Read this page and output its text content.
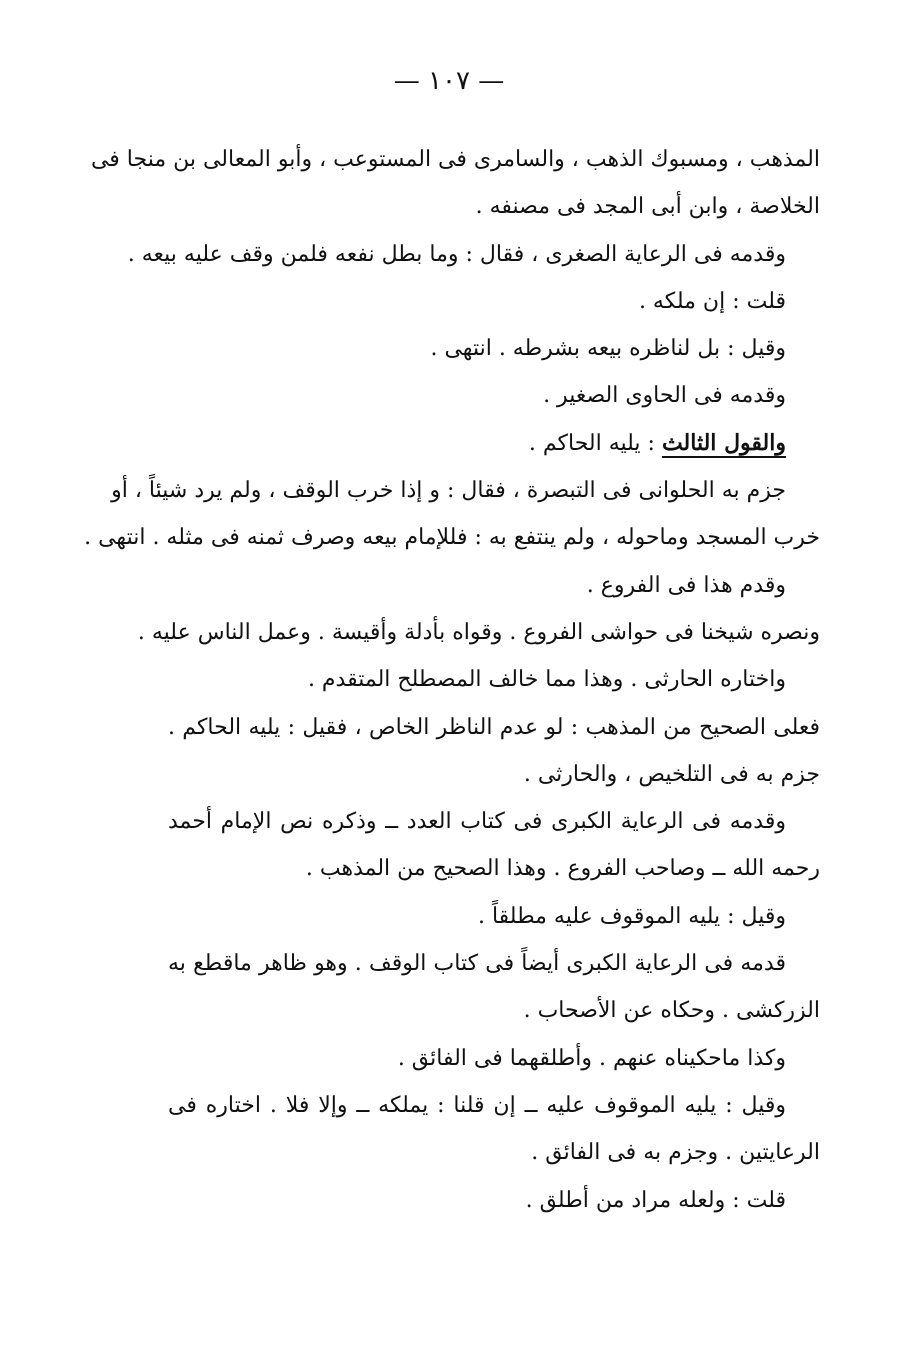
— ١٠٧ —
المذهب ، ومسبوك الذهب ، والسامرى فى المستوعب ، وأبو المعالى بن منجا فى
الخلاصة ، وابن أبى المجد فى مصنفه .
وقدمه فى الرعاية الصغرى ، فقال : وما بطل نفعه فلمن وقف عليه بيعه .
قلت : إن ملكه .
وقيل : بل لناظره بيعه بشرطه . انتهى .
وقدمه فى الحاوى الصغير .
والقول الثالث : يليه الحاكم .
جزم به الحلوانى فى التبصرة ، فقال : و إذا خرب الوقف ، ولم يرد شيئاً ، أو
خرب المسجد وماحوله ، ولم ينتفع به : فللإمام بيعه وصرف ثمنه فى مثله . انتهى .
وقدم هذا فى الفروع .
ونصره شيخنا فى حواشى الفروع . وقواه بأدلة وأقيسة . وعمل الناس عليه .
واختاره الحارثى . وهذا مما خالف المصطلح المتقدم .
فعلى الصحيح من المذهب : لو عدم الناظر الخاص ، فقيل : يليه الحاكم .
جزم به فى التلخيص ، والحارثى .
وقدمه فى الرعاية الكبرى فى كتاب العدد ــ وذكره نص الإمام أحمد
رحمه الله ــ وصاحب الفروع . وهذا الصحيح من المذهب .
وقيل : يليه الموقوف عليه مطلقاً .
قدمه فى الرعاية الكبرى أيضاً فى كتاب الوقف . وهو ظاهر ماقطع به
الزركشى . وحكاه عن الأصحاب .
وكذا ماحكيناه عنهم . وأطلقهما فى الفائق .
وقيل : يليه الموقوف عليه ــ إن قلنا : يملكه ــ وإلا فلا . اختاره فى
الرعايتين . وجزم به فى الفائق .
قلت : ولعله مراد من أطلق .
